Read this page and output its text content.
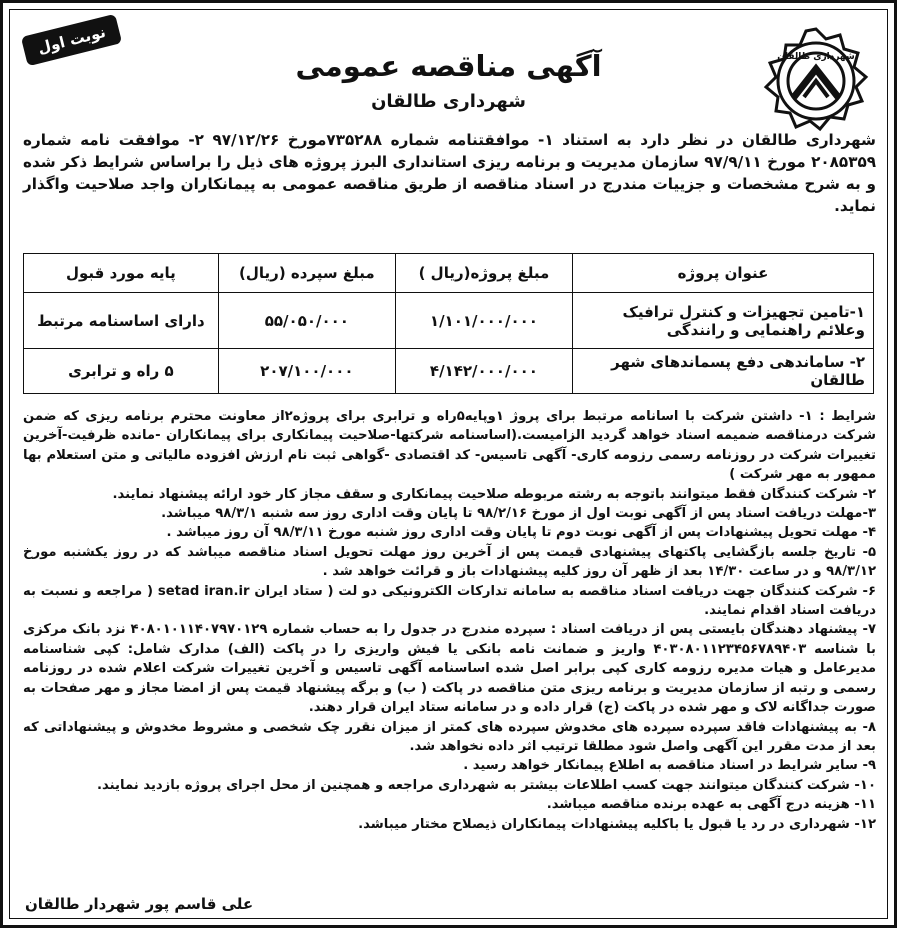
نوبت اول	شهرداری طالقان
آگهی مناقصه عمومی
شهرداری طالقان
شهرداری طالقان در نظر دارد به استناد ۱- موافقتنامه شماره ۷۳۵۲۸۸مورخ ۹۷/۱۲/۲۶ ۲- موافقت نامه شماره ۲۰۸۵۳۵۹ مورخ ۹۷/۹/۱۱ سازمان مدیریت و برنامه ریزی استانداری البرز پروژه های ذیل را براساس شرایط ذکر شده و به شرح مشخصات و جزییات مندرج در اسناد مناقصه از طریق مناقصه عمومی به پیمانکاران واجد صلاحیت واگذار نماید.
عنوان پروژه	مبلغ پروژه(ریال )	مبلغ سپرده (ریال)	پایه مورد قبول
۱-تامین تجهیزات و کنترل ترافیک وعلائم راهنمایی و رانندگی	۱/۱۰۱/۰۰۰/۰۰۰	۵۵/۰۵۰/۰۰۰	دارای اساسنامه مرتبط
۲- ساماندهی دفع پسماندهای شهر طالقان	۴/۱۴۲/۰۰۰/۰۰۰	۲۰۷/۱۰۰/۰۰۰	۵ راه و ترابری

شرایط : ۱- داشتن شرکت با اسانامه مرتبط برای پروژ ۱وپایه۵راه و ترابری برای پروژه۲از معاونت محترم برنامه ریزی که ضمن شرکت درمناقصه ضمیمه اسناد خواهد گردید الزامیست.(اساسنامه شرکتها-صلاحیت پیمانکاری برای پیمانکاران -مانده ظرفیت-آخرین تغییرات شرکت در روزنامه رسمی رزومه کاری- آگهی تاسیس- کد اقتصادی -گواهی ثبت نام ارزش افزوده مالیاتی و متن استعلام بها ممهور به مهر شرکت )

۲- شرکت کنندگان فقط میتوانند باتوجه به رشته مربوطه صلاحیت پیمانکاری و سقف مجاز کار خود ارائه پیشنهاد نمایند.

۳-مهلت دریافت اسناد پس از آگهی نوبت اول از مورخ ۹۸/۲/۱۶ تا پایان وقت اداری روز سه شنبه ۹۸/۳/۱ میباشد.

۴- مهلت تحویل پیشنهادات پس از آگهی نوبت دوم تا پایان وقت اداری روز شنبه مورخ ۹۸/۳/۱۱ آن روز میباشد .

۵- تاریخ جلسه بازگشایی پاکتهای پیشنهادی قیمت پس از آخرین روز مهلت تحویل اسناد مناقصه میباشد که در روز یکشنبه مورخ ۹۸/۳/۱۲ و در ساعت ۱۴/۳۰ بعد از ظهر آن روز کلیه پیشنهادات باز و قرائت خواهد شد .

۶- شرکت کنندگان جهت دریافت اسناد مناقصه به سامانه تدارکات الکترونیکی دو لت ( ستاد ایران setad iran.ir ( مراجعه و نسبت به دریافت اسناد اقدام نمایند.

۷- پیشنهاد دهندگان بایستی پس از دریافت اسناد : سپرده مندرج در جدول را به حساب شماره ۴۰۸۰۱۰۱۱۴۰۷۹۷۰۱۲۹ نزد بانک مرکزی با شناسه ۴۰۳۰۸۰۱۱۲۳۴۵۶۷۸۹۴۰۳ واریز و ضمانت نامه بانکی یا فیش واریزی را در پاکت (الف) مدارک شامل: کپی شناسنامه مدیرعامل و هیات مدیره رزومه کاری کپی برابر اصل شده اساسنامه آگهی تاسیس و آخرین تغییرات شرکت اعلام شده در روزنامه رسمی و رتبه از سازمان مدیریت و برنامه ریزی متن مناقصه در پاکت ( ب) و برگه پیشنهاد قیمت پس از امضا مجاز و مهر صفحات به صورت جداگانه لاک و مهر شده در پاکت (ج) قرار داده و در سامانه ستاد ایران قرار دهند.

۸- به پیشنهادات فاقد سپرده سپرده های مخدوش سپرده های کمتر از میزان نقرر چک شخصی و مشروط مخدوش و پیشنهاداتی که بعد از مدت مقرر این آگهی واصل شود مطلقا ترتیب اثر داده نخواهد شد.

۹- سایر شرایط در اسناد مناقصه به اطلاع پیمانکار خواهد رسید .

۱۰- شرکت کنندگان میتوانند جهت کسب اطلاعات بیشتر به شهرداری مراجعه و همچنین از محل اجرای پروژه بازدید نمایند.

۱۱- هزینه درج آگهی به عهده برنده مناقصه میباشد.

۱۲- شهرداری در رد یا قبول یا باکلیه پیشنهادات پیمانکاران ذیصلاح مختار میباشد.

علی قاسم پور شهردار طالقان
